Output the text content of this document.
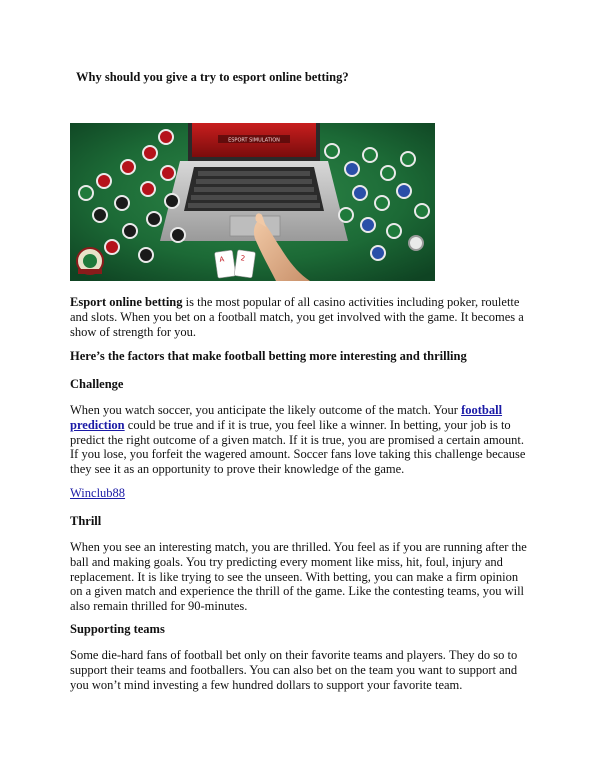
Why should you give a try to esport online betting?
ESPORT SIMULATION
A 2

Esport online betting is the most popular of all casino activities including poker, roulette and slots. When you bet on a football match, you get involved with the game. It becomes a show of strength for you.

Here’s the factors that make football betting more interesting and thrilling
Challenge

When you watch soccer, you anticipate the likely outcome of the match. Your football prediction could be true and if it is true, you feel like a winner. In betting, your job is to predict the right outcome of a given match. If it is true, you are promised a certain amount. If you lose, you forfeit the wagered amount. Soccer fans love taking this challenge because they see it as an opportunity to prove their knowledge of the game.

Winclub88

Thrill

When you see an interesting match, you are thrilled. You feel as if you are running after the ball and making goals. You try predicting every moment like miss, hit, foul, injury and replacement. It is like trying to see the unseen. With betting, you can make a firm opinion on a given match and experience the thrill of the game. Like the contesting teams, you will also remain thrilled for 90-minutes.

Supporting teams

Some die-hard fans of football bet only on their favorite teams and players. They do so to support their teams and footballers. You can also bet on the team you want to support and you won’t mind investing a few hundred dollars to support your favorite team.
